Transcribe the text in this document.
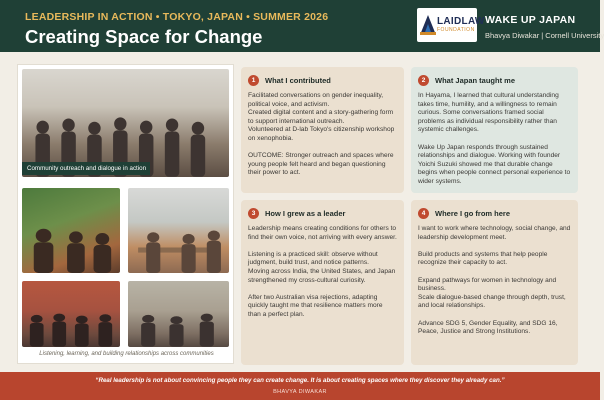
LEADERSHIP IN ACTION • TOKYO, JAPAN • SUMMER 2026
Creating Space for Change
LAIDLAW
FOUNDATION
WAKE UP JAPAN
Bhavya Diwakar | Cornell University
Community outreach and dialogue in action
Listening, learning, and building relationships across communities
1	What I contributed

Facilitated conversations on gender inequality, political voice, and activism.
Created digital content and a story-gathering form to support international outreach.
Volunteered at D-lab Tokyo's citizenship workshop on xenophobia.

OUTCOME: Stronger outreach and spaces where young people felt heard and began questioning their power to act.

2	What Japan taught me

In Hayama, I learned that cultural understanding takes time, humility, and a willingness to remain curious. Some conversations framed social problems as individual responsibility rather than systemic challenges.

Wake Up Japan responds through sustained relationships and dialogue. Working with founder Yoichi Suzuki showed me that durable change begins when people connect personal experience to wider systems.

3	How I grew as a leader

Leadership means creating conditions for others to find their own voice, not arriving with every answer.

Listening is a practiced skill: observe without judgment, build trust, and notice patterns.
Moving across India, the United States, and Japan strengthened my cross-cultural curiosity.

After two Australian visa rejections, adapting quickly taught me that resilience matters more than a perfect plan.

4	Where I go from here

I want to work where technology, social change, and leadership development meet.

Build products and systems that help people recognize their capacity to act.

Expand pathways for women in technology and business.
Scale dialogue-based change through depth, trust, and local relationships.

Advance SDG 5, Gender Equality, and SDG 16, Peace, Justice and Strong Institutions.

“Real leadership is not about convincing people they can create change. It is about creating spaces where they discover they already can.”
BHAVYA DIWAKAR
